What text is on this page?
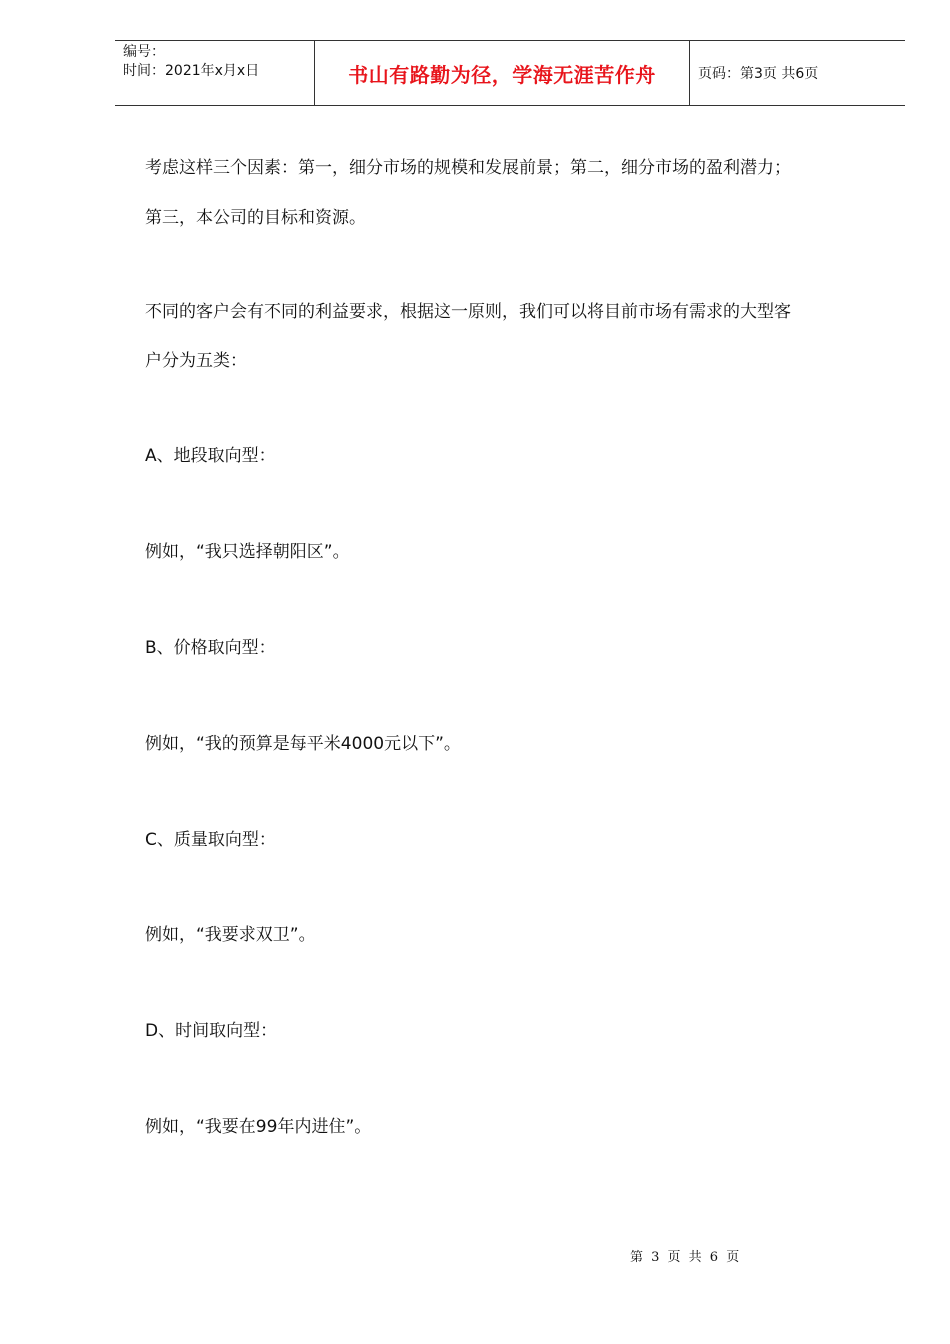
编号：
时间：2021年x月x日	书山有路勤为径，学海无涯苦作舟	页码：第3页 共6页

考虑这样三个因素：第一，细分市场的规模和发展前景；第二，细分市场的盈利潜力；

第三，本公司的目标和资源。

不同的客户会有不同的利益要求，根据这一原则，我们可以将目前市场有需求的大型客

户分为五类：

A、地段取向型：

例如，“我只选择朝阳区”。

B、价格取向型：

例如，“我的预算是每平米4000元以下”。

C、质量取向型：

例如，“我要求双卫”。

D、时间取向型：

例如，“我要在99年内进住”。

第 3 页 共 6 页
